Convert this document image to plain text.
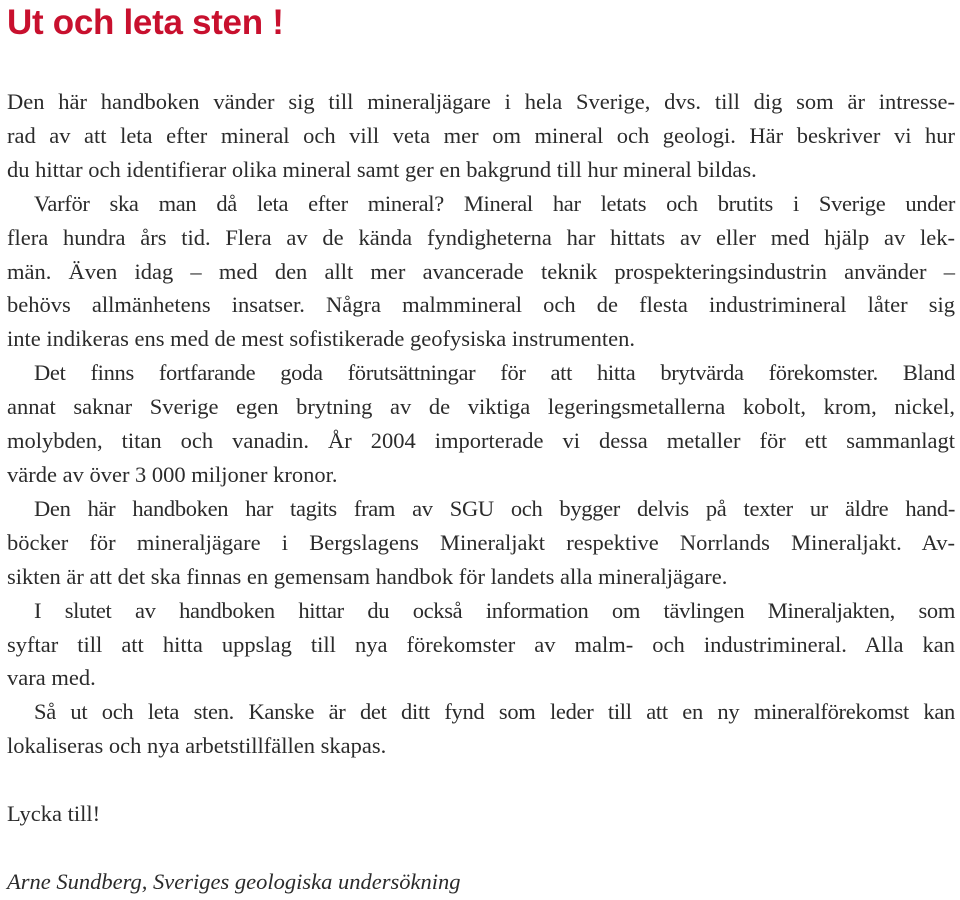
Ut och leta sten !
Den här handboken vänder sig till mineraljägare i hela Sverige, dvs. till dig som är intresse-
rad av att leta efter mineral och vill veta mer om mineral och geologi. Här beskriver vi hur
du hittar och identifierar olika mineral samt ger en bakgrund till hur mineral bildas.
Varför ska man då leta efter mineral? Mineral har letats och brutits i Sverige under
flera hundra års tid. Flera av de kända fyndigheterna har hittats av eller med hjälp av lek-
män. Även idag – med den allt mer avancerade teknik prospekteringsindustrin använder –
behövs allmänhetens insatser. Några malmmineral och de flesta industrimineral låter sig
inte indikeras ens med de mest sofistikerade geofysiska instrumenten.
Det finns fortfarande goda förutsättningar för att hitta brytvärda förekomster. Bland
annat saknar Sverige egen brytning av de viktiga legeringsmetallerna kobolt, krom, nickel,
molybden, titan och vanadin. År 2004 importerade vi dessa metaller för ett sammanlagt
värde av över 3 000 miljoner kronor.
Den här handboken har tagits fram av SGU och bygger delvis på texter ur äldre hand-
böcker för mineraljägare i Bergslagens Mineraljakt respektive Norrlands Mineraljakt. Av-
sikten är att det ska finnas en gemensam handbok för landets alla mineraljägare.
I slutet av handboken hittar du också information om tävlingen Mineraljakten, som
syftar till att hitta uppslag till nya förekomster av malm- och industrimineral. Alla kan
vara med.
Så ut och leta sten. Kanske är det ditt fynd som leder till att en ny mineralförekomst kan
lokaliseras och nya arbetstillfällen skapas.
Lycka till!
Arne Sundberg, Sveriges geologiska undersökning
